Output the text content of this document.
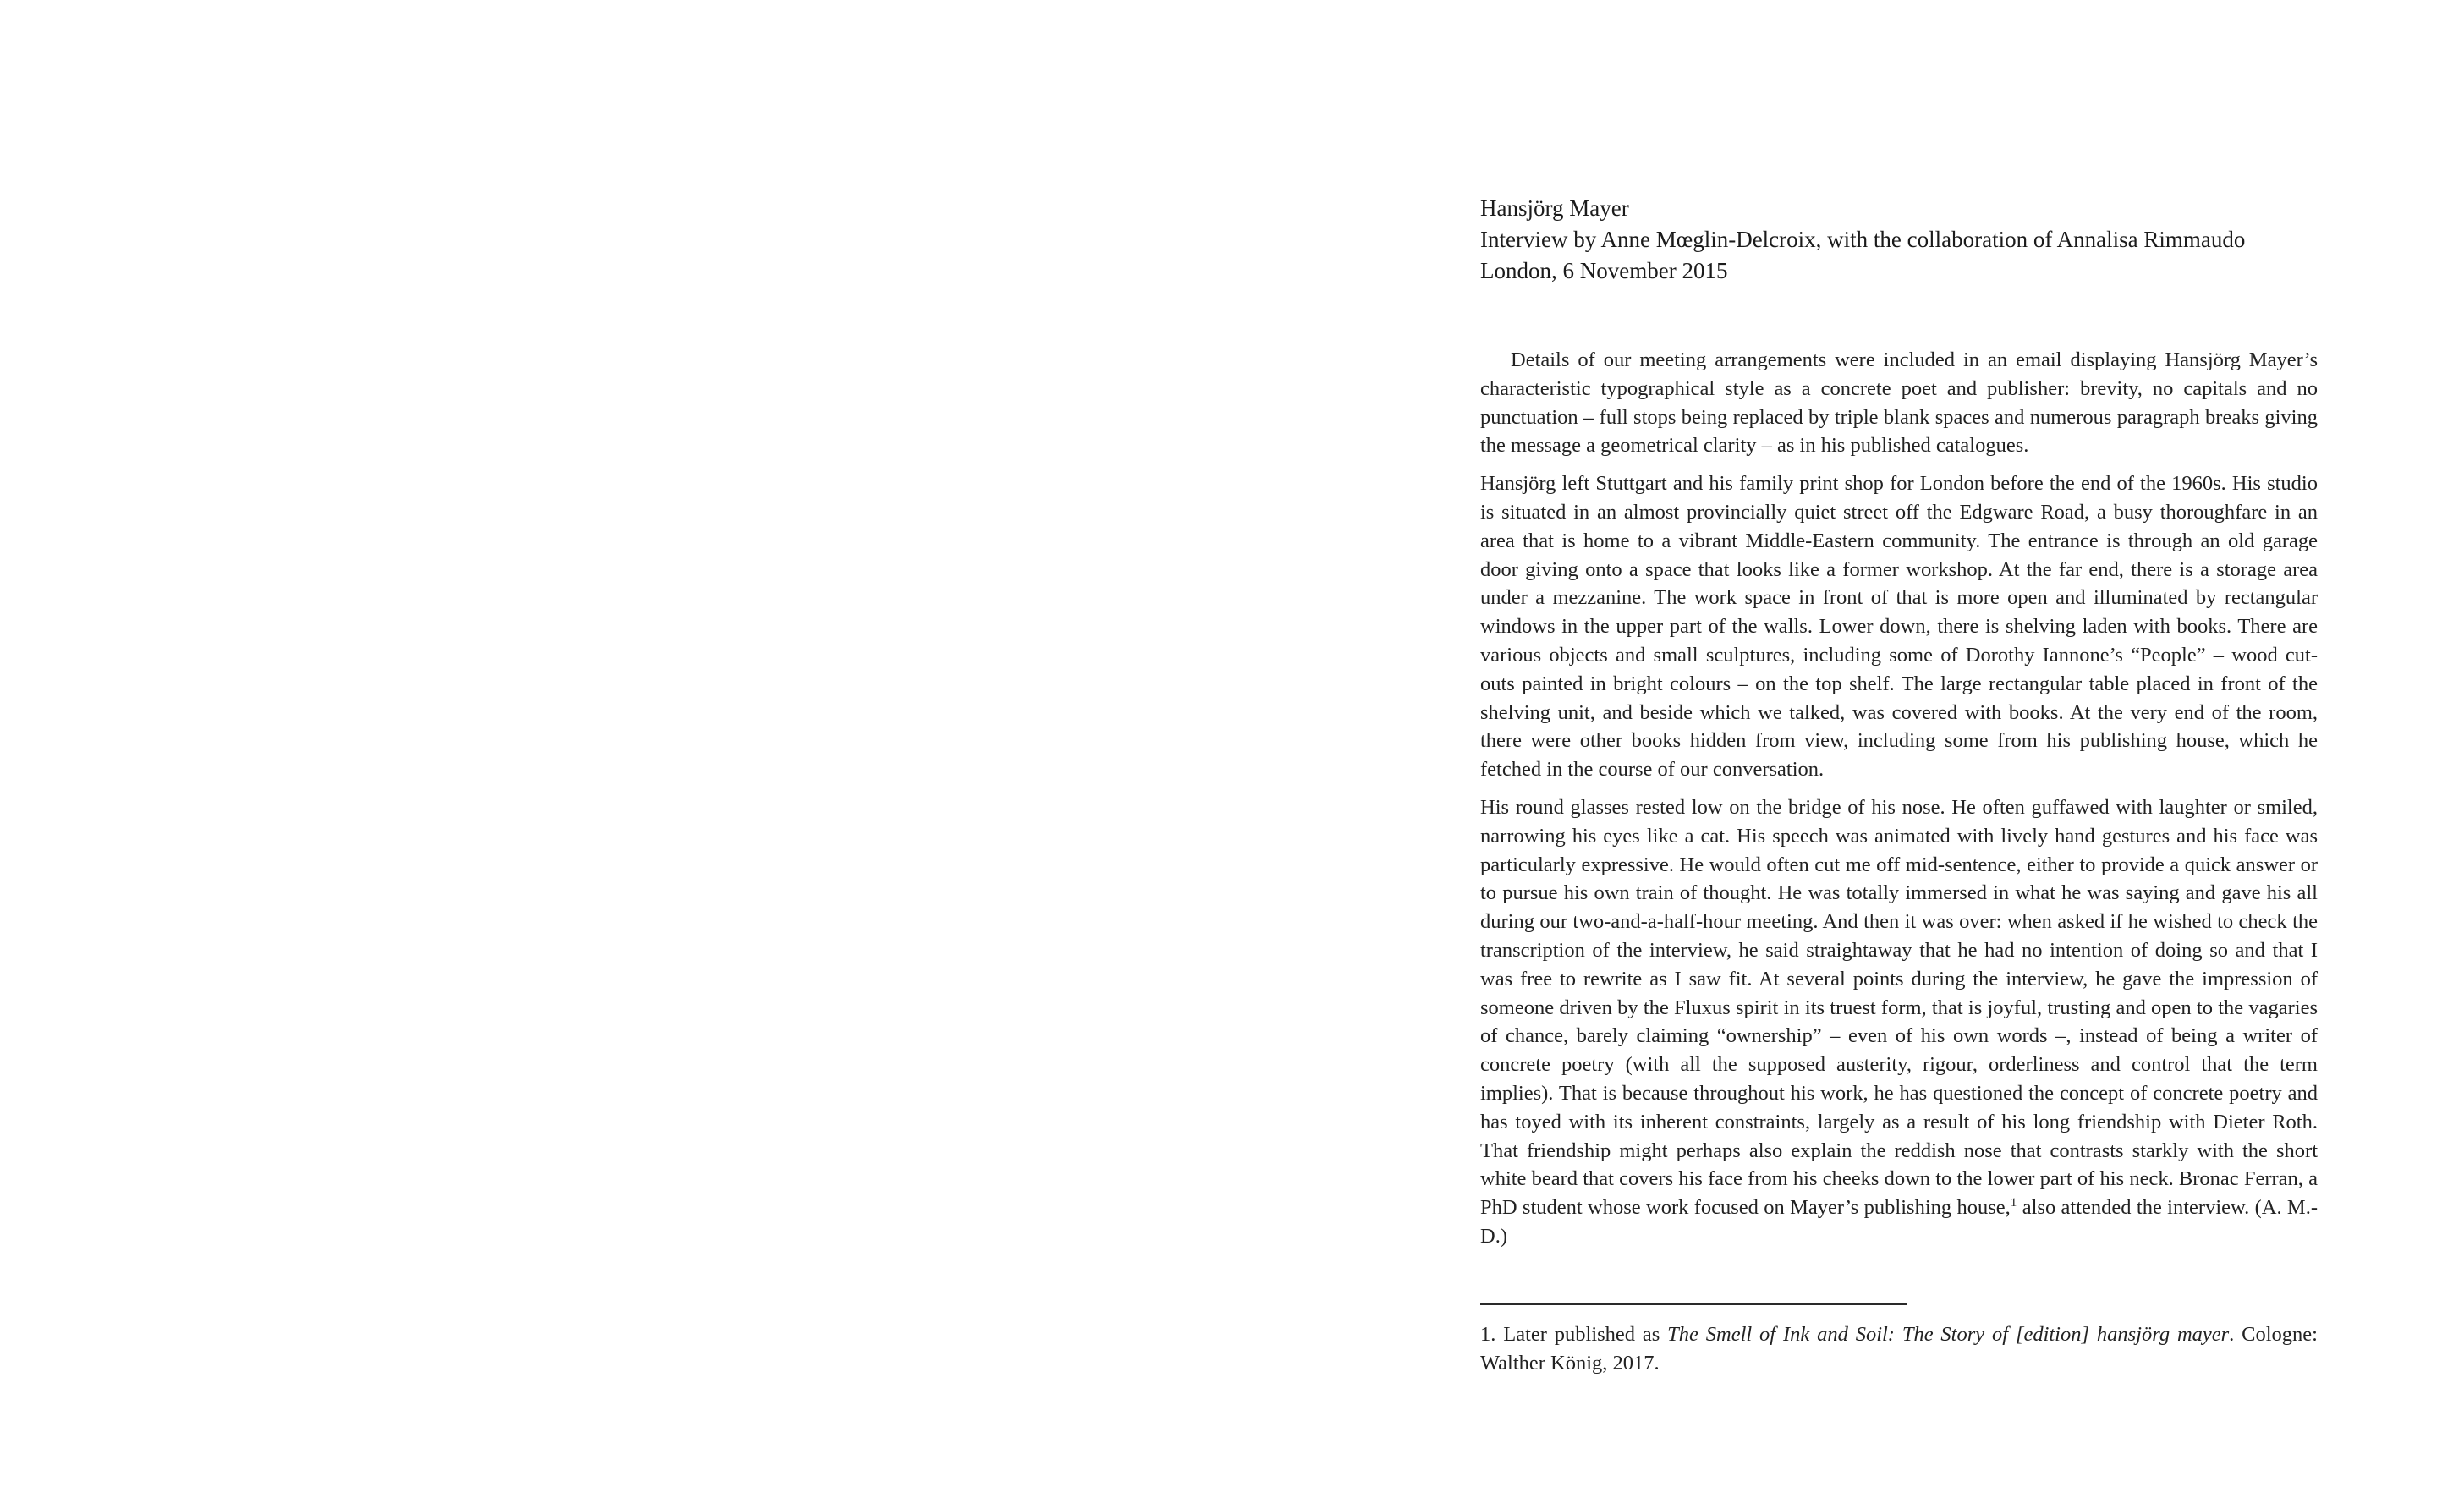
Hansjörg Mayer
Interview by Anne Mœglin-Delcroix, with the collaboration of Annalisa Rimmaudo
London, 6 November 2015

Details of our meeting arrangements were included in an email displaying Hansjörg Mayer’s characteristic typographical style as a concrete poet and publisher: brevity, no capitals and no punctuation – full stops being replaced by triple blank spaces and numerous paragraph breaks giving the message a geometrical clarity – as in his published catalogues.

Hansjörg left Stuttgart and his family print shop for London before the end of the 1960s. His studio is situated in an almost provincially quiet street off the Edgware Road, a busy thoroughfare in an area that is home to a vibrant Middle-Eastern community. The entrance is through an old garage door giving onto a space that looks like a former workshop. At the far end, there is a storage area under a mezzanine. The work space in front of that is more open and illuminated by rectangular windows in the upper part of the walls. Lower down, there is shelving laden with books. There are various objects and small sculptures, including some of Dorothy Iannone’s “People” – wood cut-outs painted in bright colours – on the top shelf. The large rectangular table placed in front of the shelving unit, and beside which we talked, was covered with books. At the very end of the room, there were other books hidden from view, including some from his publishing house, which he fetched in the course of our conversation.

His round glasses rested low on the bridge of his nose. He often guffawed with laughter or smiled, narrowing his eyes like a cat. His speech was animated with lively hand gestures and his face was particularly expressive. He would often cut me off mid-sentence, either to provide a quick answer or to pursue his own train of thought. He was totally immersed in what he was saying and gave his all during our two-and-a-half-hour meeting. And then it was over: when asked if he wished to check the transcription of the interview, he said straightaway that he had no intention of doing so and that I was free to rewrite as I saw fit. At several points during the interview, he gave the impression of someone driven by the Fluxus spirit in its truest form, that is joyful, trusting and open to the vagaries of chance, barely claiming “ownership” – even of his own words –, instead of being a writer of concrete poetry (with all the supposed austerity, rigour, orderliness and control that the term implies). That is because throughout his work, he has questioned the concept of concrete poetry and has toyed with its inherent constraints, largely as a result of his long friendship with Dieter Roth. That friendship might perhaps also explain the reddish nose that contrasts starkly with the short white beard that covers his face from his cheeks down to the lower part of his neck. Bronac Ferran, a PhD student whose work focused on Mayer’s publishing house,$^1$ also attended the interview. (A. M.-D.)

1. Later published as The Smell of Ink and Soil: The Story of [edition] hansjörg mayer. Cologne: Walther König, 2017.
